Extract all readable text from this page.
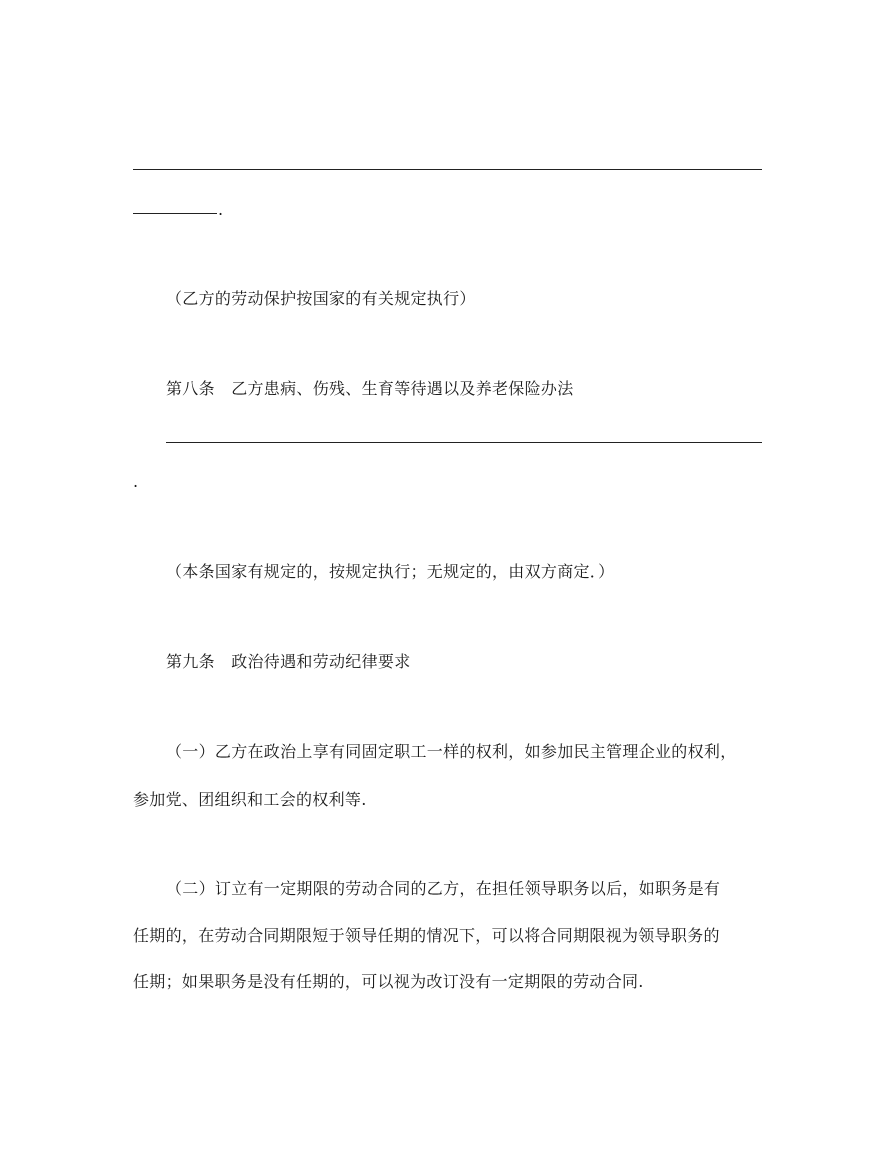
.
（乙方的劳动保护按国家的有关规定执行）
第八条　乙方患病、伤残、生育等待遇以及养老保险办法
.
（本条国家有规定的，按规定执行；无规定的，由双方商定．）
第九条　政治待遇和劳动纪律要求
（一）乙方在政治上享有同固定职工一样的权利，如参加民主管理企业的权利，
参加党、团组织和工会的权利等.
（二）订立有一定期限的劳动合同的乙方，在担任领导职务以后，如职务是有
任期的，在劳动合同期限短于领导任期的情况下，可以将合同期限视为领导职务的
任期；如果职务是没有任期的，可以视为改订没有一定期限的劳动合同.
